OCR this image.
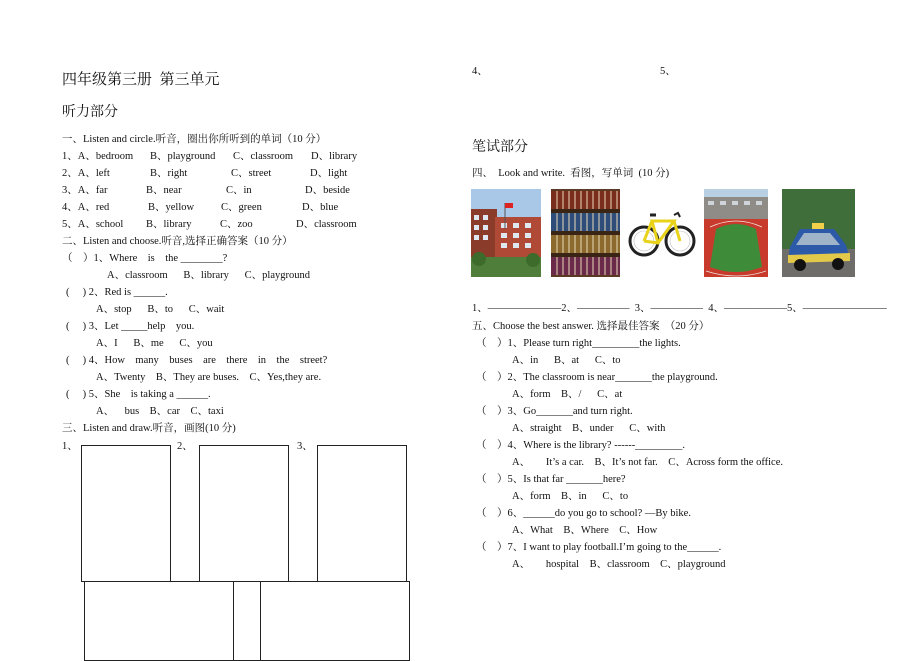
四年级第三册  第三单元
听力部分
一、Listen and circle.听音，圈出你所听到的单词（10 分）
1、A、bedroom B、playground C、classroom D、library
2、A、left	B、right	C、street	D、light
3、A、far	B、near	C、in	D、beside
4、A、red	B、yellow	C、green	D、blue
5、A、school B、library	C、zoo	D、classroom
二、Listen and choose.听音,选择正确答案（10 分）
（    ）1、Where    is    the ________?
A、classroom      B、library      C、playground
(     ) 2、Red is ______.
A、stop      B、to      C、wait
(     ) 3、Let _____help    you.
A、I      B、me      C、you
(     ) 4、How    many    buses    are    there    in    the    street?
A、Twenty    B、They are buses.    C、Yes,they are.
(     ) 5、She    is taking a ______.
A、    bus    B、car    C、taxi
三、Listen and draw.听音，画图(10 分)
1、	2、	3、
4、	5、
笔试部分
四、  Look and write.  看图，写单词  (10 分)
1、———————2、—————  3、—————  4、——————5、————————
五、Choose the best answer. 选择最佳答案  （20 分）
（    ）1、Please turn right_________the lights.
A、in      B、at      C、to
（    ）2、The classroom is near_______the playground.
A、form    B、/      C、at
（    ）3、Go_______and turn right.
A、straight    B、under      C、with
（    ）4、Where is the library? ------_________.
A、      It’s a car.    B、It’s not far.    C、Across form the office.
（    ）5、Is that far _______here?
A、form    B、in      C、to
（    ）6、______do you go to school? —By bike.
A、What    B、Where    C、How
（    ）7、I want to play football.I’m going to the______.
A、      hospital    B、classroom    C、playground
